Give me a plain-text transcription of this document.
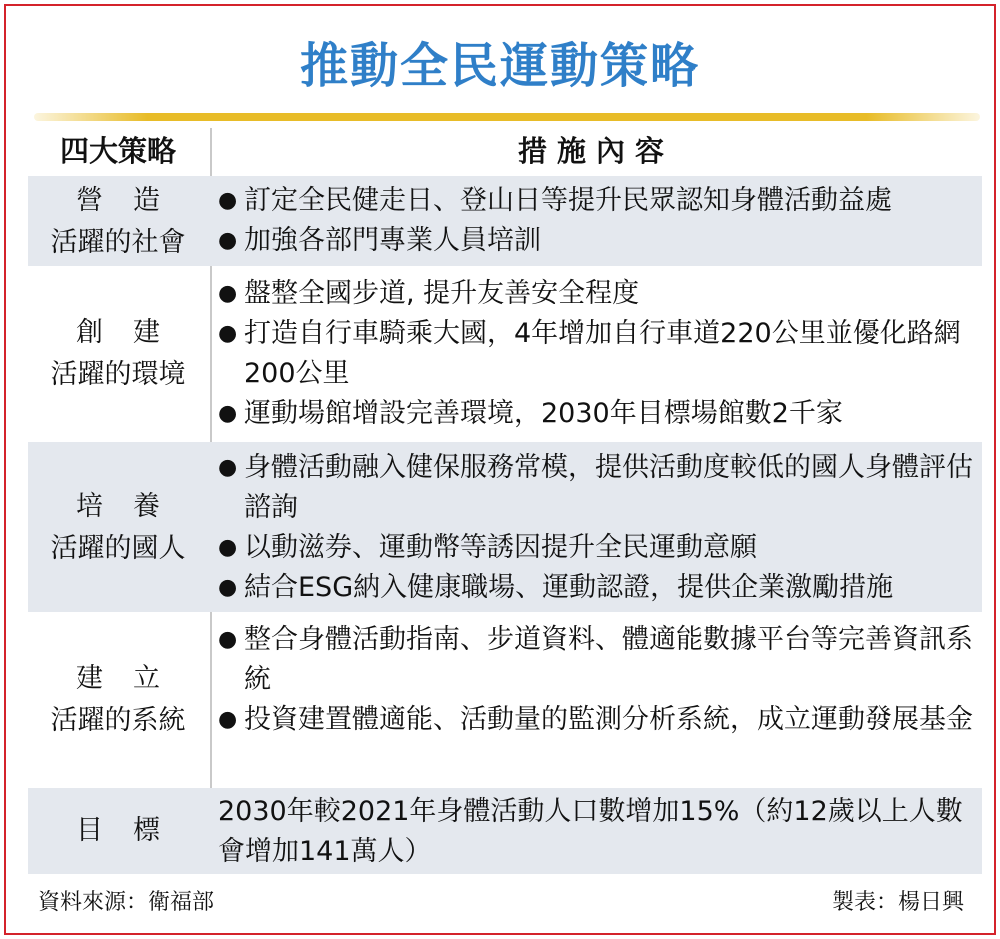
推動全民運動策略
四大策略	措施內容
營造
活躍的社會
● 訂定全民健走日、登山日等提升民眾認知身體活動益處
● 加強各部門專業人員培訓
創建
活躍的環境
● 盤整全國步道, 提升友善安全程度
● 打造自行車騎乘大國，4年增加自行車道220公里並優化路網200公里
● 運動場館增設完善環境，2030年目標場館數2千家
培養
活躍的國人
● 身體活動融入健保服務常模，提供活動度較低的國人身體評估諮詢
● 以動滋券、運動幣等誘因提升全民運動意願
● 結合ESG納入健康職場、運動認證，提供企業激勵措施
建立
活躍的系統
● 整合身體活動指南、步道資料、體適能數據平台等完善資訊系統
● 投資建置體適能、活動量的監測分析系統，成立運動發展基金
目標
2030年較2021年身體活動人口數增加15%（約12歲以上人數會增加141萬人）
資料來源：衛福部	製表：楊日興
